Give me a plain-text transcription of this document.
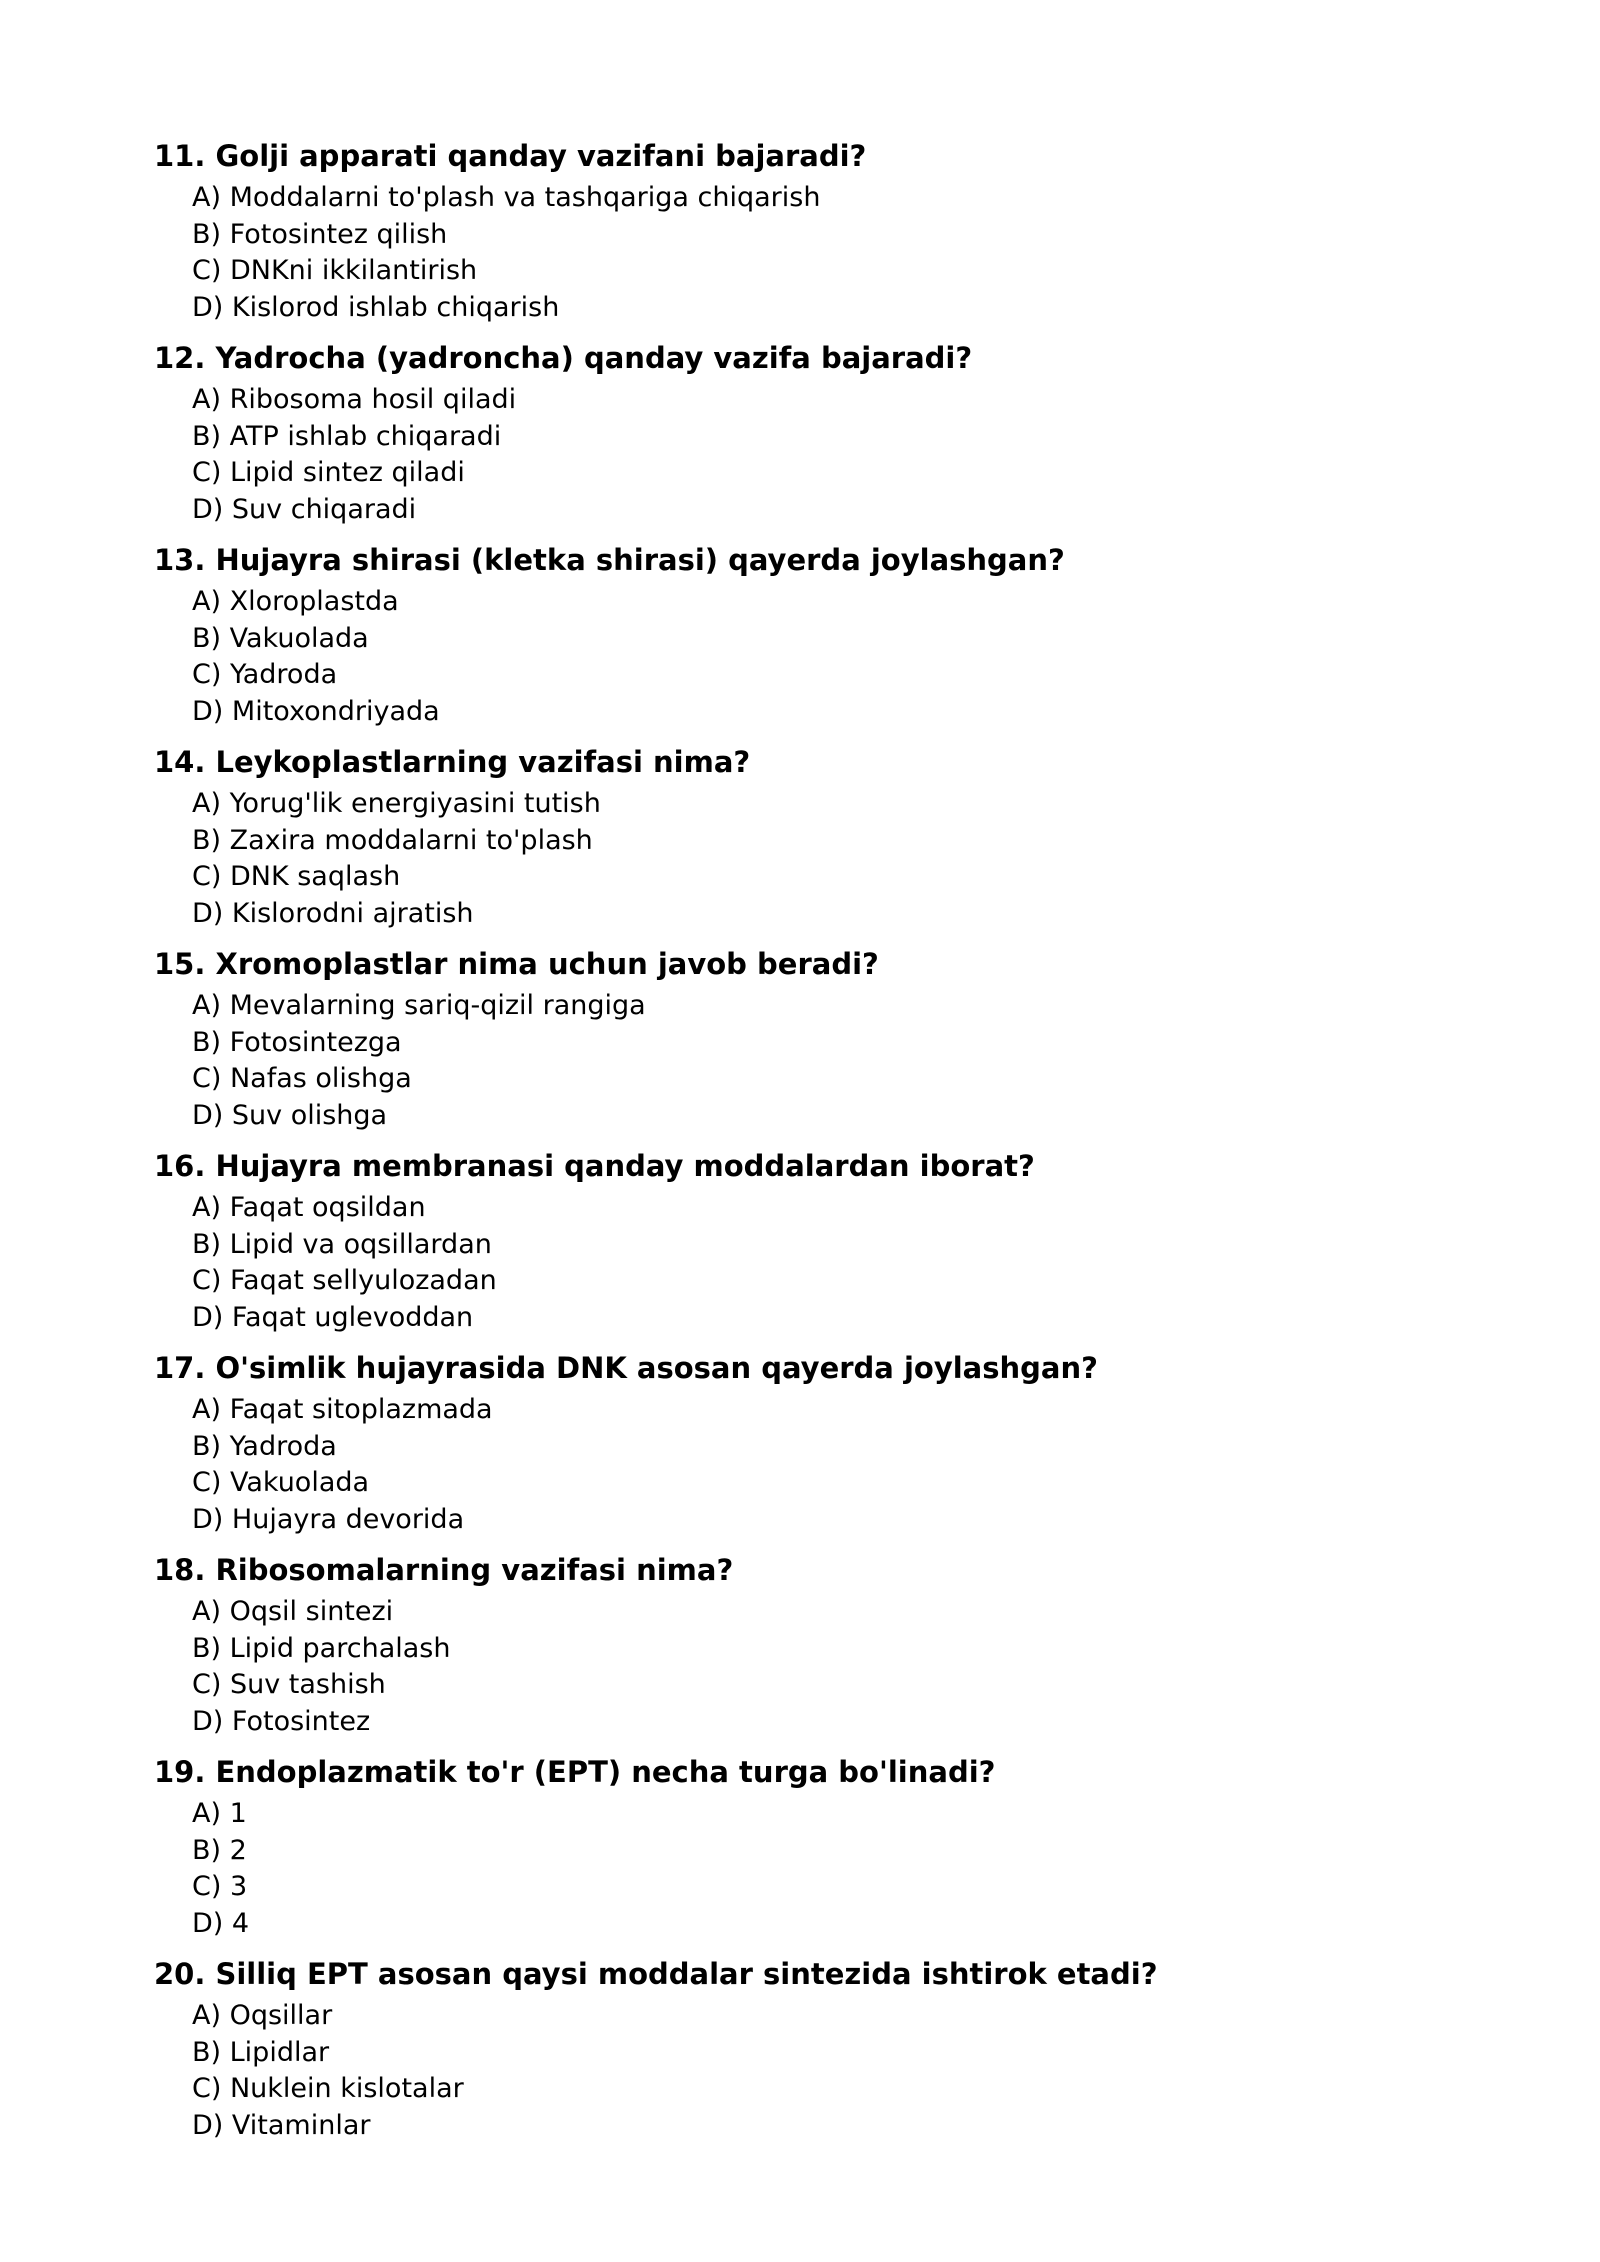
11. Golji apparati qanday vazifani bajaradi?
A) Moddalarni to'plash va tashqariga chiqarish
B) Fotosintez qilish
C) DNKni ikkilantirish
D) Kislorod ishlab chiqarish
12. Yadrocha (yadroncha) qanday vazifa bajaradi?
A) Ribosoma hosil qiladi
B) ATP ishlab chiqaradi
C) Lipid sintez qiladi
D) Suv chiqaradi
13. Hujayra shirasi (kletka shirasi) qayerda joylashgan?
A) Xloroplastda
B) Vakuolada
C) Yadroda
D) Mitoxondriyada
14. Leykoplastlarning vazifasi nima?
A) Yorug'lik energiyasini tutish
B) Zaxira moddalarni to'plash
C) DNK saqlash
D) Kislorodni ajratish
15. Xromoplastlar nima uchun javob beradi?
A) Mevalarning sariq-qizil rangiga
B) Fotosintezga
C) Nafas olishga
D) Suv olishga
16. Hujayra membranasi qanday moddalardan iborat?
A) Faqat oqsildan
B) Lipid va oqsillardan
C) Faqat sellyulozadan
D) Faqat uglevoddan
17. O'simlik hujayrasida DNK asosan qayerda joylashgan?
A) Faqat sitoplazmada
B) Yadroda
C) Vakuolada
D) Hujayra devorida
18. Ribosomalarning vazifasi nima?
A) Oqsil sintezi
B) Lipid parchalash
C) Suv tashish
D) Fotosintez
19. Endoplazmatik to'r (EPT) necha turga bo'linadi?
A) 1
B) 2
C) 3
D) 4
20. Silliq EPT asosan qaysi moddalar sintezida ishtirok etadi?
A) Oqsillar
B) Lipidlar
C) Nuklein kislotalar
D) Vitaminlar
